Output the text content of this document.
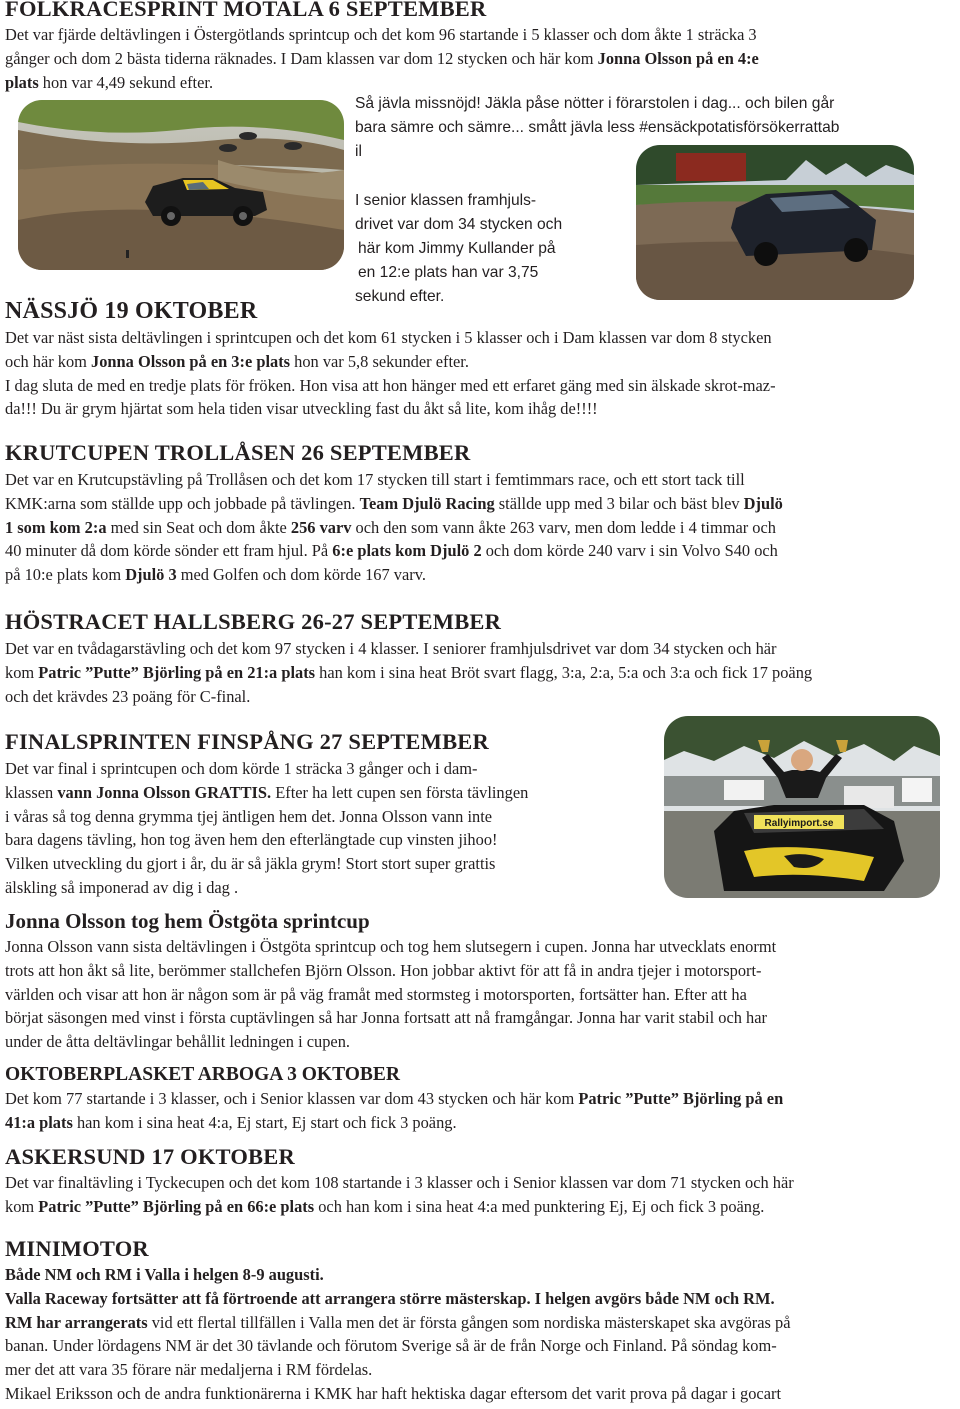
FOLKRACESPRINT MOTALA 6 SEPTEMBER
Det var fjärde deltävlingen i Östergötlands sprintcup och det kom 96 startande i 5 klasser och dom åkte 1 sträcka 3
gånger och dom 2 bästa tiderna räknades. I Dam klassen var dom 12 stycken och här kom Jonna Olsson på en 4:e
plats hon var 4,49 sekund efter.
Så jävla missnöjd! Jäkla påse nötter i förarstolen i dag... och bilen går
bara sämre och sämre... smått jävla less #ensäckpotatisförsökerrattab
il
I senior klassen framhjuls-
drivet var dom 34 stycken och
här kom Jimmy Kullander på
en 12:e plats han var 3,75
sekund efter.
NÄSSJÖ 19 OKTOBER
Det var näst sista deltävlingen i sprintcupen och det kom 61 stycken i 5 klasser och i Dam klassen var dom 8 stycken
och här kom Jonna Olsson på en 3:e plats hon var 5,8 sekunder efter.
I dag sluta de med en tredje plats för fröken. Hon visa att hon hänger med ett erfaret gäng med sin älskade skrot-maz-
da!!! Du är grym hjärtat som hela tiden visar utveckling fast du åkt så lite, kom ihåg de!!!!
KRUTCUPEN TROLLÅSEN 26 SEPTEMBER
Det var en Krutcupstävling på Trollåsen och det kom 17 stycken till start i femtimmars race, och ett stort tack till
KMK:arna som ställde upp och jobbade på tävlingen. Team Djulö Racing ställde upp med 3 bilar och bäst blev Djulö
1 som kom 2:a med sin Seat och dom åkte 256 varv och den som vann åkte 263 varv, men dom ledde i 4 timmar och
40 minuter då dom körde sönder ett fram hjul. På 6:e plats kom Djulö 2 och dom körde 240 varv i sin Volvo S40 och
på 10:e plats kom Djulö 3 med Golfen och dom körde 167 varv.
HÖSTRACET HALLSBERG 26-27 SEPTEMBER
Det var en tvådagarstävling och det kom 97 stycken i 4 klasser. I seniorer framhjulsdrivet var dom 34 stycken och här
kom Patric ”Putte” Björling på en 21:a plats han kom i sina heat Bröt svart flagg, 3:a, 2:a, 5:a och 3:a och fick 17 poäng
och det krävdes 23 poäng för C-final.
FINALSPRINTEN FINSPÅNG 27 SEPTEMBER
Det var final i sprintcupen och dom körde 1 sträcka 3 gånger och i dam-
klassen vann Jonna Olsson GRATTIS. Efter ha lett cupen sen första tävlingen
i våras så tog denna grymma tjej äntligen hem det. Jonna Olsson vann inte
bara dagens tävling, hon tog även hem den efterlängtade cup vinsten jihoo!
Vilken utveckling du gjort i år, du är så jäkla grym! Stort stort super grattis
älskling så imponerad av dig i dag .
Rallyimport.se
Jonna Olsson tog hem Östgöta sprintcup
Jonna Olsson vann sista deltävlingen i Östgöta sprintcup och tog hem slutsegern i cupen. Jonna har utvecklats enormt
trots att hon åkt så lite, berömmer stallchefen Björn Olsson. Hon jobbar aktivt för att få in andra tjejer i motorsport-
världen och visar att hon är någon som är på väg framåt med stormsteg i motorsporten, fortsätter han. Efter att ha
börjat säsongen med vinst i första cuptävlingen så har Jonna fortsatt att nå framgångar. Jonna har varit stabil och har
under de åtta deltävlingar behållit ledningen i cupen.
OKTOBERPLASKET ARBOGA 3 OKTOBER
Det kom 77 startande i 3 klasser, och i Senior klassen var dom 43 stycken och här kom Patric ”Putte” Björling på en
41:a plats han kom i sina heat 4:a, Ej start, Ej start och fick 3 poäng.
ASKERSUND 17 OKTOBER
Det var finaltävling i Tyckecupen och det kom 108 startande i 3 klasser och i Senior klassen var dom 71 stycken och här
kom Patric ”Putte” Björling på en 66:e plats och han kom i sina heat 4:a med punktering Ej, Ej och fick 3 poäng.
MINIMOTOR
Både NM och RM i Valla i helgen 8-9 augusti.
Valla Raceway fortsätter att få förtroende att arrangera större mästerskap. I helgen avgörs både NM och RM.
RM har arrangerats vid ett flertal tillfällen i Valla men det är första gången som nordiska mästerskapet ska avgöras på
banan. Under lördagens NM är det 30 tävlande och förutom Sverige så är de från Norge och Finland. På söndag kom-
mer det att vara 35 förare när medaljerna i RM fördelas.
Mikael Eriksson och de andra funktionärerna i KMK har haft hektiska dagar eftersom det varit prova på dagar i gocart
